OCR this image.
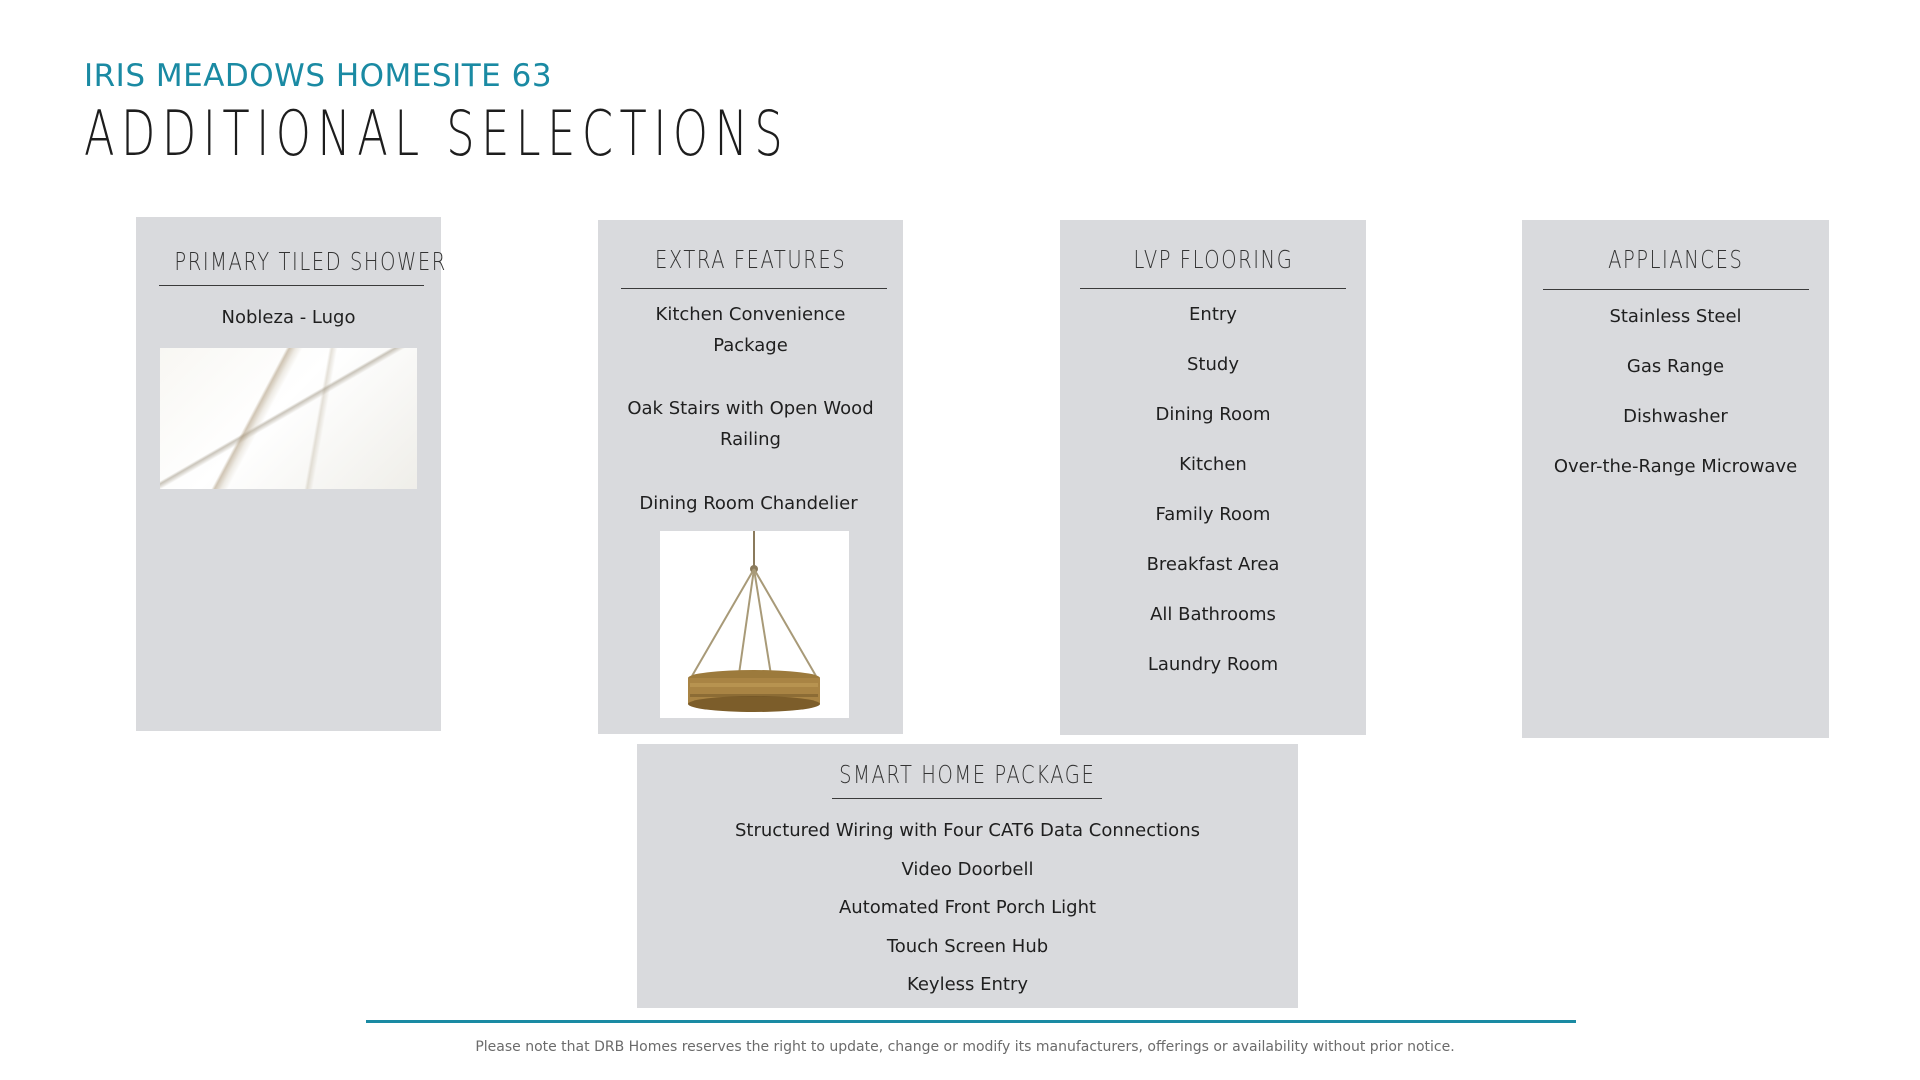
IRIS MEADOWS HOMESITE 63
ADDITIONAL SELECTIONS
PRIMARY TILED SHOWER
Nobleza - Lugo
EXTRA FEATURES
Kitchen Convenience
Package
Oak Stairs with Open Wood
Railing
Dining Room Chandelier
LVP FLOORING
Entry
Study
Dining Room
Kitchen
Family Room
Breakfast Area
All Bathrooms
Laundry Room
APPLIANCES
Stainless Steel
Gas Range
Dishwasher
Over-the-Range Microwave
SMART HOME PACKAGE
Structured Wiring with Four CAT6 Data Connections
Video Doorbell
Automated Front Porch Light
Touch Screen Hub
Keyless Entry
Please note that DRB Homes reserves the right to update, change or modify its manufacturers, offerings or availability without prior notice.
